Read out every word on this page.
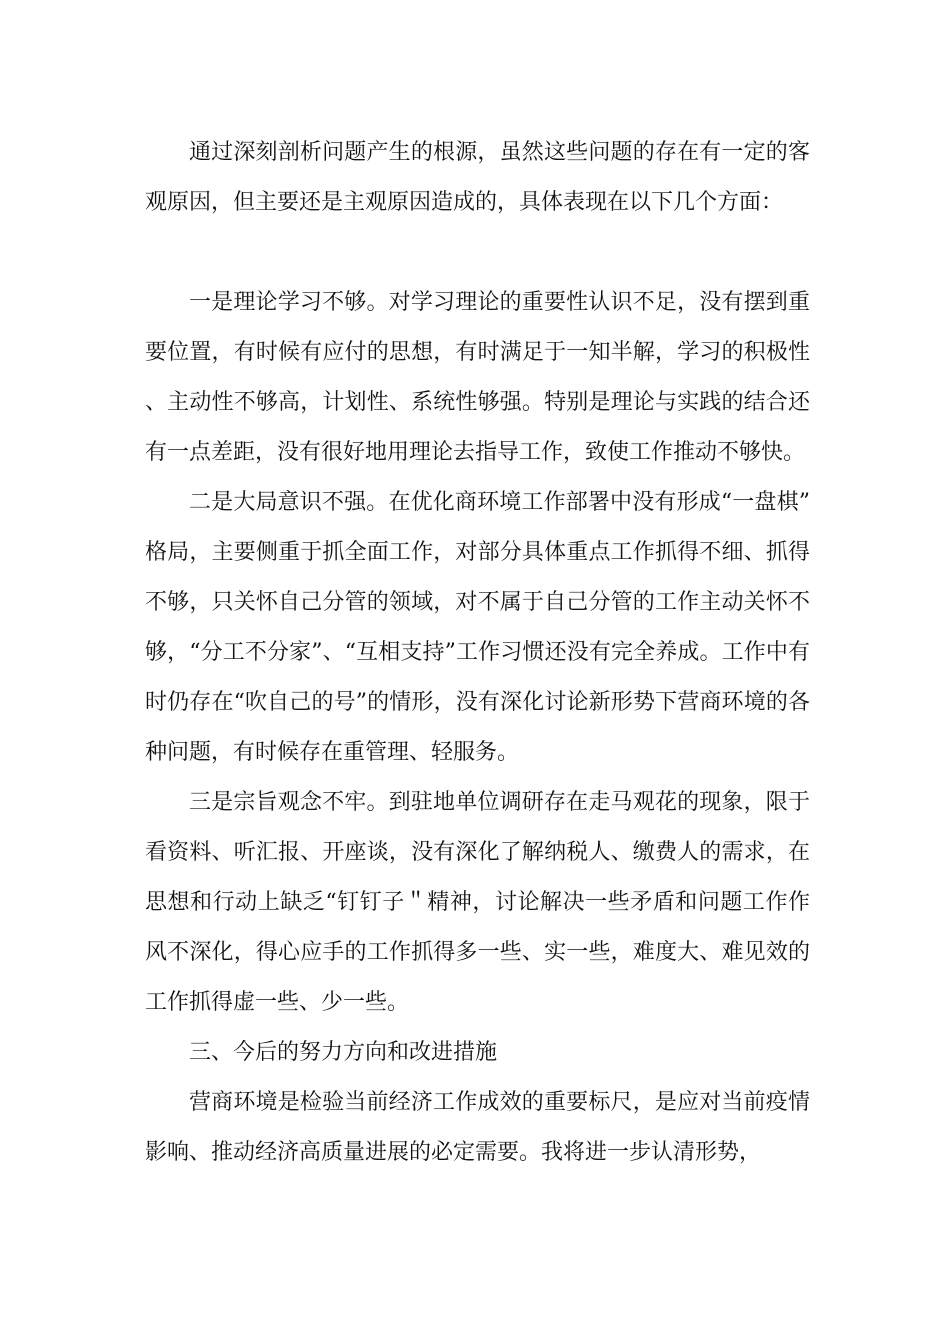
通过深刻剖析问题产生的根源，虽然这些问题的存在有一定的客观原因，但主要还是主观原因造成的，具体表现在以下几个方面：

一是理论学习不够。对学习理论的重要性认识不足，没有摆到重要位置，有时候有应付的思想，有时满足于一知半解，学习的积极性、主动性不够高，计划性、系统性够强。特别是理论与实践的结合还有一点差距，没有很好地用理论去指导工作，致使工作推动不够快。

二是大局意识不强。在优化商环境工作部署中没有形成“一盘棋”格局，主要侧重于抓全面工作，对部分具体重点工作抓得不细、抓得不够，只关怀自己分管的领域，对不属于自己分管的工作主动关怀不够，“分工不分家”、“互相支持”工作习惯还没有完全养成。工作中有时仍存在“吹自己的号”的情形，没有深化讨论新形势下营商环境的各种问题，有时候存在重管理、轻服务。

三是宗旨观念不牢。到驻地单位调研存在走马观花的现象，限于看资料、听汇报、开座谈，没有深化了解纳税人、缴费人的需求，在思想和行动上缺乏“钉钉子＂精神，讨论解决一些矛盾和问题工作作风不深化，得心应手的工作抓得多一些、实一些，难度大、难见效的工作抓得虚一些、少一些。

三、今后的努力方向和改进措施

营商环境是检验当前经济工作成效的重要标尺，是应对当前疫情影响、推动经济高质量进展的必定需要。我将进一步认清形势，
